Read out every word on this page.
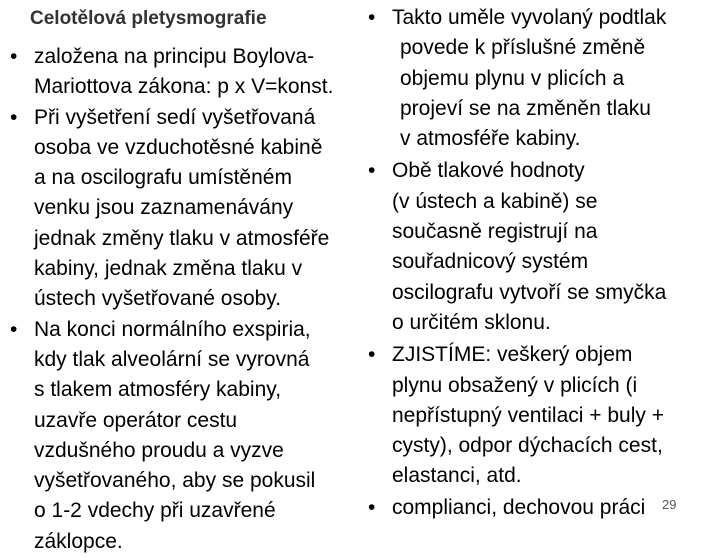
Celotělová pletysmografie
• založena na principu Boylova-
Mariottova zákona: p x V=konst.
• Při vyšetření sedí vyšetřovaná
osoba ve vzduchotěsné kabině
a na oscilografu umístěném
venku jsou zaznamenávány
jednak změny tlaku v atmosféře
kabiny, jednak změna tlaku v
ústech vyšetřované osoby.
• Na konci normálního exspiria,
kdy tlak alveolární se vyrovná
s tlakem atmosféry kabiny,
uzavře operátor cestu
vzdušného proudu a vyzve
vyšetřovaného, aby se pokusil
o 1-2 vdechy při uzavřené
záklopce.
• Takto uměle vyvolaný podtlak
povede k příslušné změně
objemu plynu v plicích a
projeví se na změněn tlaku
v atmosféře kabiny.
• Obě tlakové hodnoty
(v ústech a kabině) se
současně registrují na
souřadnicový systém
oscilografu vytvoří se smyčka
o určitém sklonu.
• ZJISTÍME: veškerý objem
plynu obsažený v plicích (i
nepřístupný ventilaci + buly +
cysty), odpor dýchacích cest,
elastanci, atd.
• complianci, dechovou práci	29
